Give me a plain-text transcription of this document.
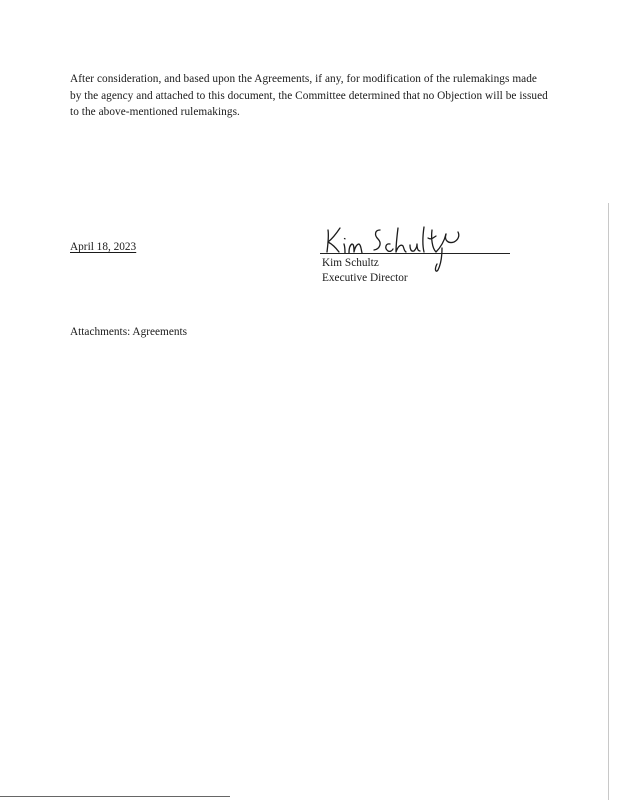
After consideration, and based upon the Agreements, if any, for modification of the rulemakings made by the agency and attached to this document, the Committee determined that no Objection will be issued to the above-mentioned rulemakings.

April 18, 2023

Kim Schultz

Executive Director

Attachments: Agreements
